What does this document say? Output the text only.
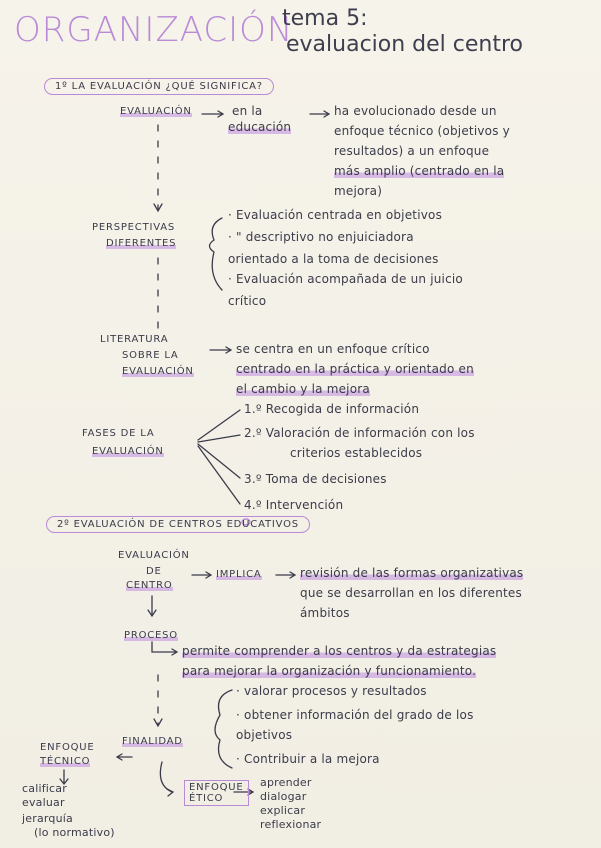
ORGANIZACIÓN
tema 5:
evaluacion del centro
1º LA EVALUACIÓN ¿QUÉ SIGNIFICA?
EVALUACIÓN	en la
educación
ha evolucionado desde un
enfoque técnico (objetivos y
resultados) a un enfoque
más amplio (centrado en la
mejora)
PERSPECTIVAS
DIFERENTES
· Evaluación centrada en objetivos
· " descriptivo no enjuiciadora
orientado a la toma de decisiones
· Evaluación acompañada de un juicio
crítico
LITERATURA
SOBRE LA
EVALUACIÓN
se centra en un enfoque crítico
centrado en la práctica y orientado en
el cambio y la mejora
FASES DE LA
EVALUACIÓN
1.º Recogida de información
2.º Valoración de información con los
criterios establecidos
3.º Toma de decisiones
4.º Intervención
2º EVALUACIÓN DE CENTROS EDUCATIVOS
EVALUACIÓN
DE
CENTRO
IMPLICA	revisión de las formas organizativas
que se desarrollan en los diferentes
ámbitos
PROCESO
permite comprender a los centros y da estrategias
para mejorar la organización y funcionamiento.
· valorar procesos y resultados
· obtener información del grado de los
objetivos
· Contribuir a la mejora
FINALIDAD
ENFOQUE
TÉCNICO
calificar
evaluar
jerarquía
(lo normativo)
ENFOQUE
ÉTICO
aprender
dialogar
explicar
reflexionar
